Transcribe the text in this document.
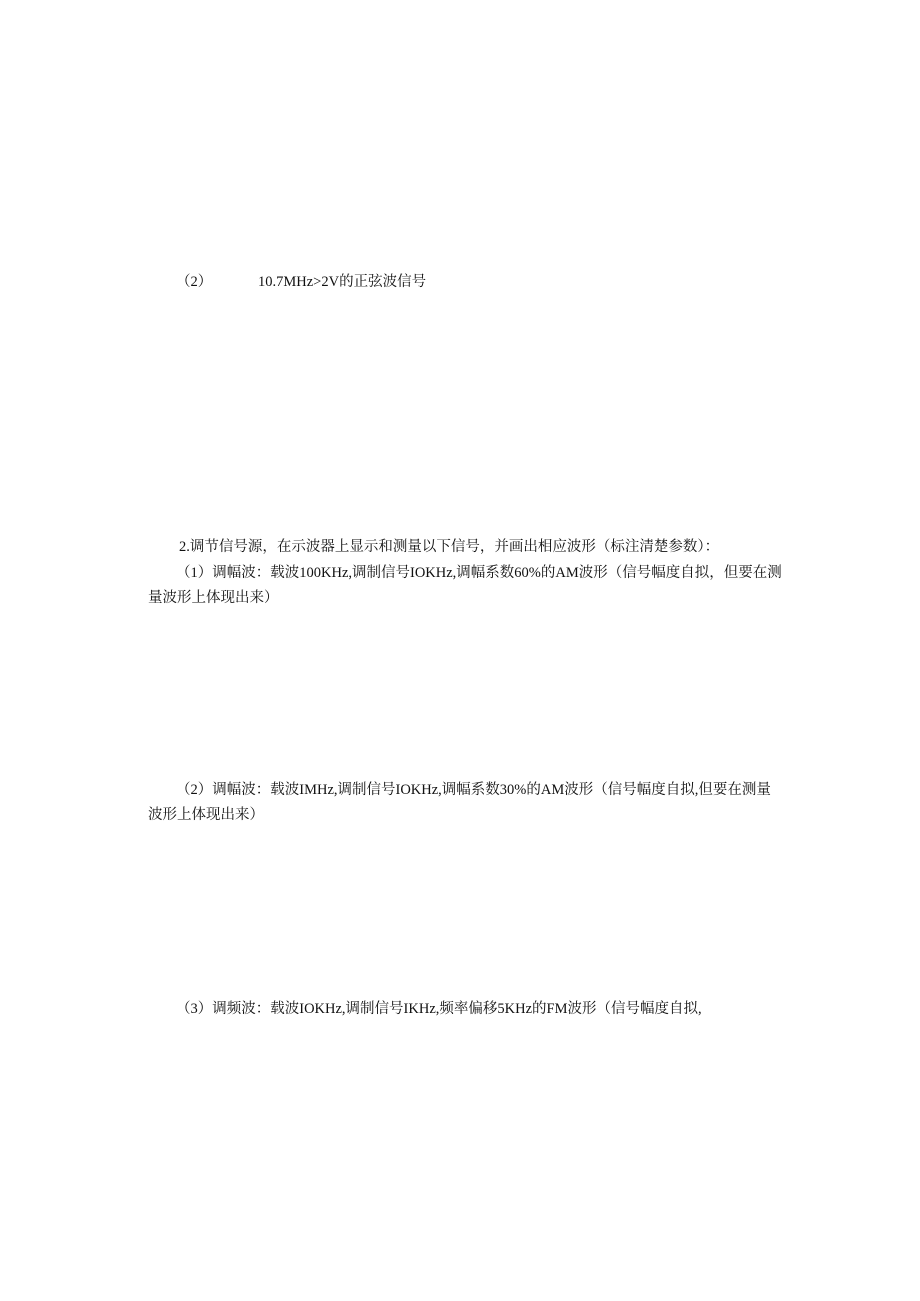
（2）	10.7MHz>2V的正弦波信号
2.调节信号源，在示波器上显示和测量以下信号，并画出相应波形（标注清楚参数）：
（1）调幅波：载波100KHz,调制信号IOKHz,调幅系数60%的AM波形（信号幅度自拟，但要在测
量波形上体现出来）
（2）调幅波：载波IMHz,调制信号IOKHz,调幅系数30%的AM波形（信号幅度自拟,但要在测量
波形上体现出来）
（3）调频波：载波IOKHz,调制信号IKHz,频率偏移5KHz的FM波形（信号幅度自拟,
